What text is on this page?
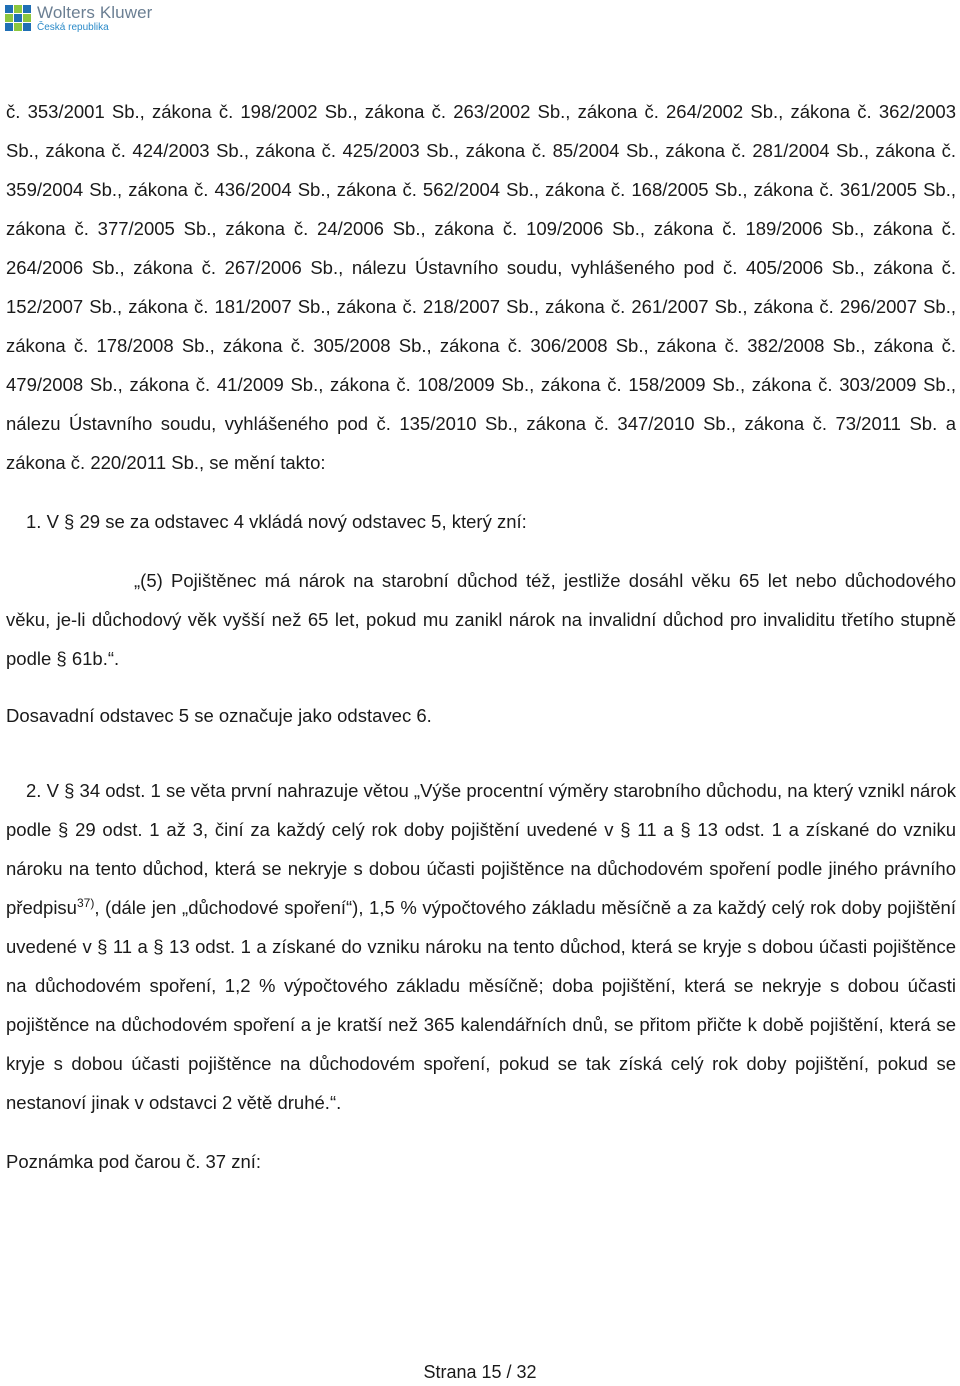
Wolters Kluwer
Česká republika

č. 353/2001 Sb., zákona č. 198/2002 Sb., zákona č. 263/2002 Sb., zákona č. 264/2002 Sb., zákona č. 362/2003 Sb., zákona č. 424/2003 Sb., zákona č. 425/2003 Sb., zákona č. 85/2004 Sb., zákona č. 281/2004 Sb., zákona č. 359/2004 Sb., zákona č. 436/2004 Sb., zákona č. 562/2004 Sb., zákona č. 168/2005 Sb., zákona č. 361/2005 Sb., zákona č. 377/2005 Sb., zákona č. 24/2006 Sb., zákona č. 109/2006 Sb., zákona č. 189/2006 Sb., zákona č. 264/2006 Sb., zákona č. 267/2006 Sb., nálezu Ústavního soudu, vyhlášeného pod č. 405/2006 Sb., zákona č. 152/2007 Sb., zákona č. 181/2007 Sb., zákona č. 218/2007 Sb., zákona č. 261/2007 Sb., zákona č. 296/2007 Sb., zákona č. 178/2008 Sb., zákona č. 305/2008 Sb., zákona č. 306/2008 Sb., zákona č. 382/2008 Sb., zákona č. 479/2008 Sb., zákona č. 41/2009 Sb., zákona č. 108/2009 Sb., zákona č. 158/2009 Sb., zákona č. 303/2009 Sb., nálezu Ústavního soudu, vyhlášeného pod č. 135/2010 Sb., zákona č. 347/2010 Sb., zákona č. 73/2011 Sb. a zákona č. 220/2011 Sb., se mění takto:

1. V § 29 se za odstavec 4 vkládá nový odstavec 5, který zní:

„(5) Pojištěnec má nárok na starobní důchod též, jestliže dosáhl věku 65 let nebo důchodového věku, je-li důchodový věk vyšší než 65 let, pokud mu zanikl nárok na invalidní důchod pro invaliditu třetího stupně podle § 61b.“.

Dosavadní odstavec 5 se označuje jako odstavec 6.

2. V § 34 odst. 1 se věta první nahrazuje větou „Výše procentní výměry starobního důchodu, na který vznikl nárok podle § 29 odst. 1 až 3, činí za každý celý rok doby pojištění uvedené v § 11 a § 13 odst. 1 a získané do vzniku nároku na tento důchod, která se nekryje s dobou účasti pojištěnce na důchodovém spoření podle jiného právního předpisu$^{37)}$, (dále jen „důchodové spoření“), 1,5 % výpočtového základu měsíčně a za každý celý rok doby pojištění uvedené v § 11 a § 13 odst. 1 a získané do vzniku nároku na tento důchod, která se kryje s dobou účasti pojištěnce na důchodovém spoření, 1,2 % výpočtového základu měsíčně; doba pojištění, která se nekryje s dobou účasti pojištěnce na důchodovém spoření a je kratší než 365 kalendářních dnů, se přitom přičte k době pojištění, která se kryje s dobou účasti pojištěnce na důchodovém spoření, pokud se tak získá celý rok doby pojištění, pokud se nestanoví jinak v odstavci 2 větě druhé.“.

Poznámka pod čarou č. 37 zní:

Strana 15 / 32
